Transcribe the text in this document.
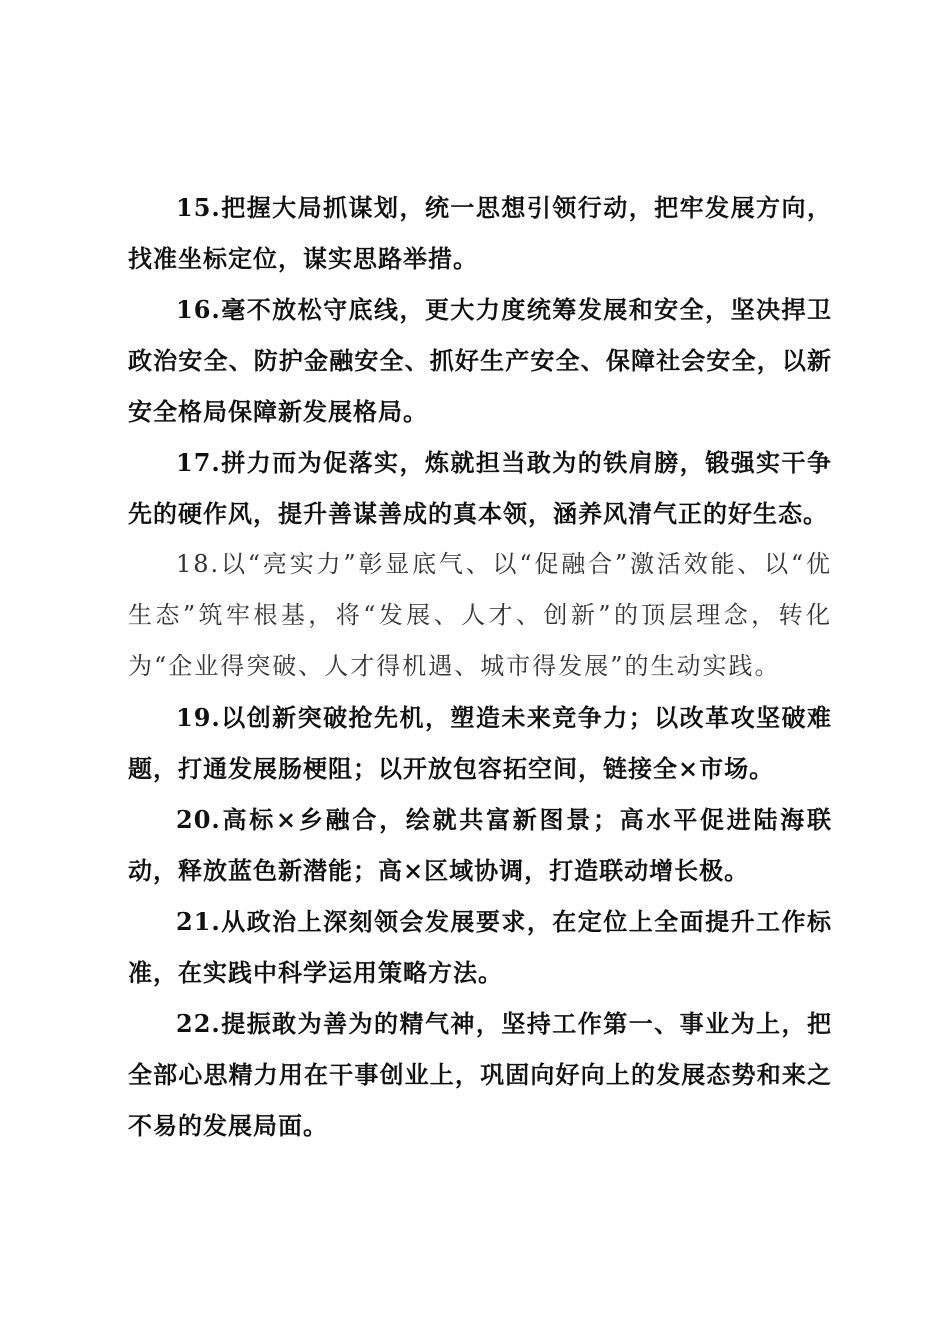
15.把握大局抓谋划，统一思想引领行动，把牢发展方向，找准坐标定位，谋实思路举措。

16.毫不放松守底线，更大力度统筹发展和安全，坚决捍卫政治安全、防护金融安全、抓好生产安全、保障社会安全，以新安全格局保障新发展格局。

17.拼力而为促落实，炼就担当敢为的铁肩膀，锻强实干争先的硬作风，提升善谋善成的真本领，涵养风清气正的好生态。

18.以“亮实力”彰显底气、以“促融合”激活效能、以“优生态”筑牢根基，将“发展、人才、创新”的顶层理念，转化为“企业得突破、人才得机遇、城市得发展”的生动实践。

19.以创新突破抢先机，塑造未来竞争力；以改革攻坚破难题，打通发展肠梗阻；以开放包容拓空间，链接全×市场。

20.高标×乡融合，绘就共富新图景；高水平促进陆海联动，释放蓝色新潜能；高×区域协调，打造联动增长极。

21.从政治上深刻领会发展要求，在定位上全面提升工作标准，在实践中科学运用策略方法。

22.提振敢为善为的精气神，坚持工作第一、事业为上，把全部心思精力用在干事创业上，巩固向好向上的发展态势和来之不易的发展局面。
